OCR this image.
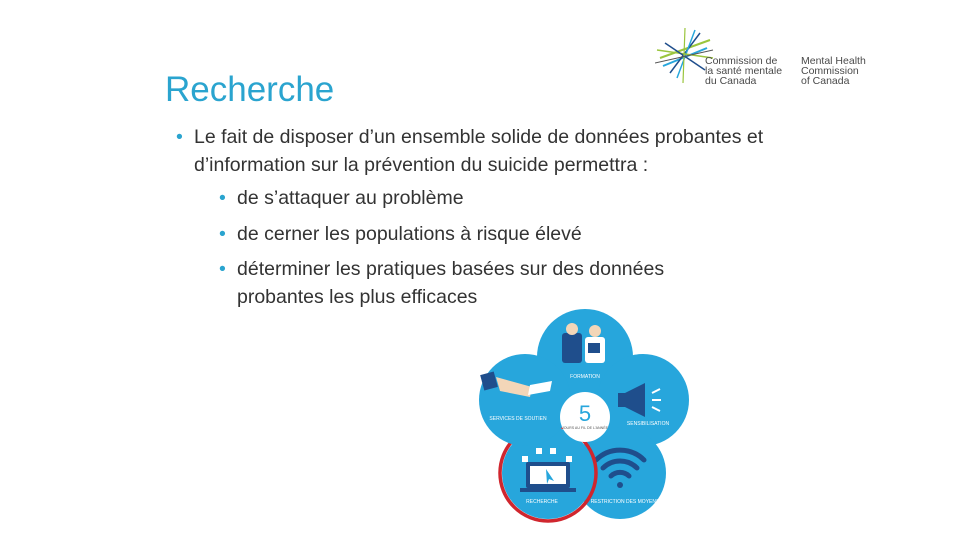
Recherche
Commission de
la santé mentale
du Canada
Mental Health
Commission
of Canada
• Le fait de disposer d’un ensemble solide de données probantes et d’information sur la prévention du suicide permettra :
• de s’attaquer au problème
• de cerner les populations à risque élevé
• déterminer les pratiques basées sur des données probantes les plus efficaces
FORMATION
SENSIBILISATION
RESTRICTION DES MOYENS
RECHERCHE
SERVICES DE SOUTIEN 5
JOURS AU FIL DE L'ANNÉE
